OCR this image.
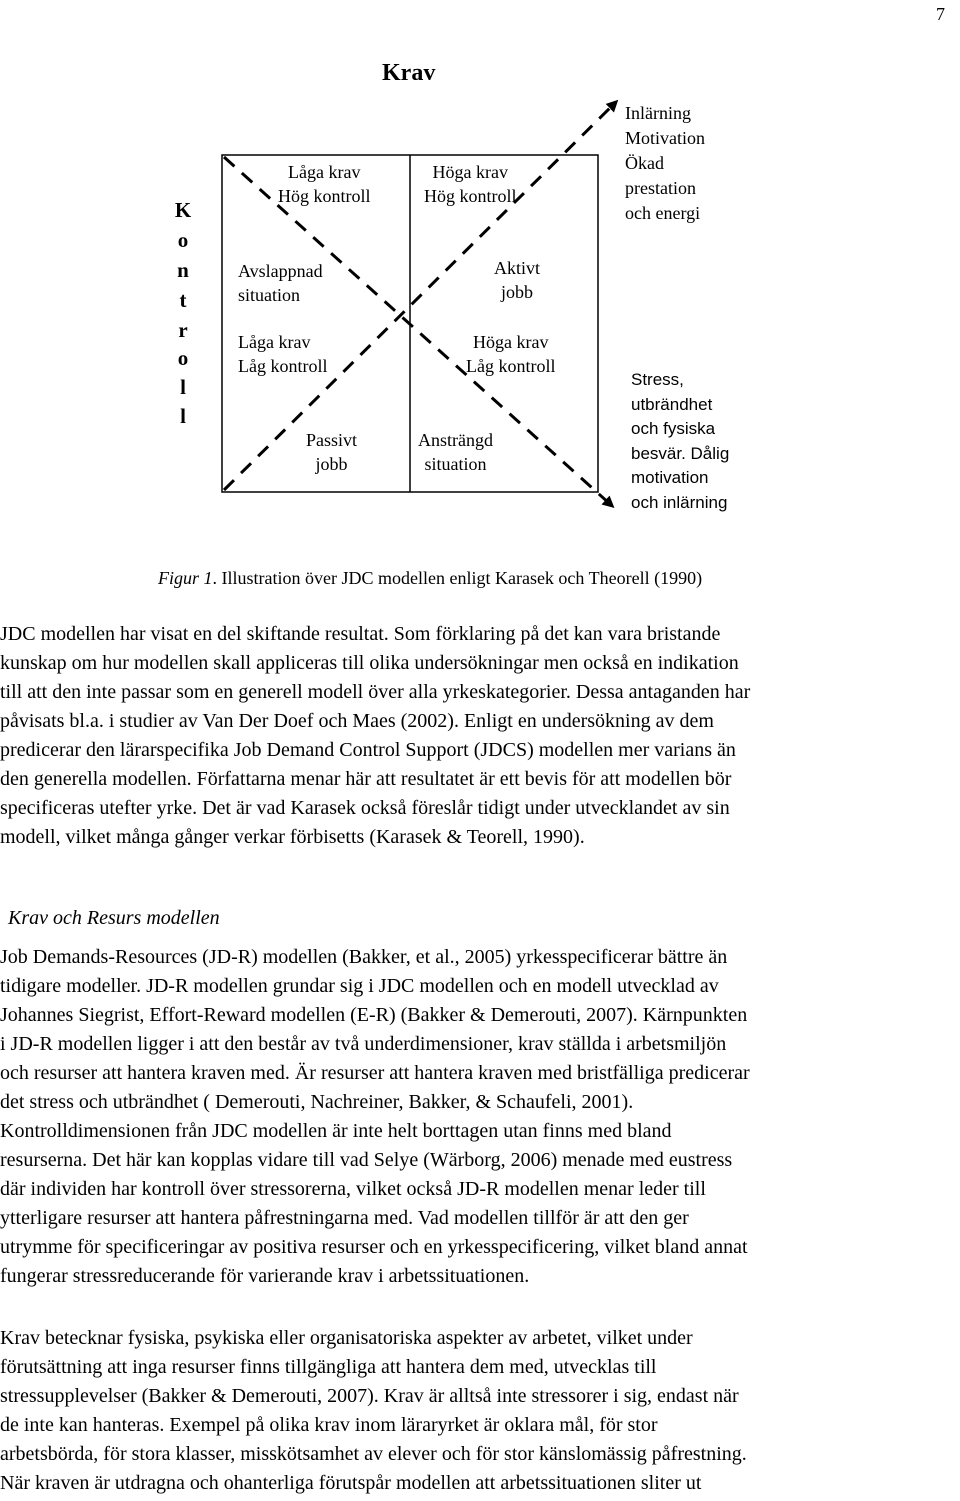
7
Krav
K
o
n
t
r
o
l
l
Låga krav
Hög kontroll
Höga krav
Hög kontroll
Avslappnad
situation
Aktivt
jobb
Låga krav
Låg kontroll
Höga krav
Låg kontroll
Passivt
jobb
Ansträngd
situation
Inlärning
Motivation
Ökad
prestation
och energi
Stress,
utbrändhet
och fysiska
besvär. Dålig
motivation
och inlärning
Figur 1. Illustration över JDC modellen enligt Karasek och Theorell (1990)
JDC modellen har visat en del skiftande resultat. Som förklaring på det kan vara bristande
kunskap om hur modellen skall appliceras till olika undersökningar men också en indikation
till att den inte passar som en generell modell över alla yrkeskategorier. Dessa antaganden har
påvisats bl.a. i studier av Van Der Doef och Maes (2002). Enligt en undersökning av dem
predicerar den lärarspecifika Job Demand Control Support (JDCS) modellen mer varians än
den generella modellen. Författarna menar här att resultatet är ett bevis för att modellen bör
specificeras utefter yrke. Det är vad Karasek också föreslår tidigt under utvecklandet av sin
modell, vilket många gånger verkar förbisetts (Karasek & Teorell, 1990).
Krav och Resurs modellen
Job Demands-Resources (JD-R) modellen (Bakker, et al., 2005) yrkesspecificerar bättre än
tidigare modeller. JD-R modellen grundar sig i JDC modellen och en modell utvecklad av
Johannes Siegrist, Effort-Reward modellen (E-R) (Bakker & Demerouti, 2007). Kärnpunkten
i JD-R modellen ligger i att den består av två underdimensioner, krav ställda i arbetsmiljön
och resurser att hantera kraven med. Är resurser att hantera kraven med bristfälliga predicerar
det stress och utbrändhet ( Demerouti, Nachreiner, Bakker, & Schaufeli, 2001).
Kontrolldimensionen från JDC modellen är inte helt borttagen utan finns med bland
resurserna. Det här kan kopplas vidare till vad Selye (Wärborg, 2006) menade med eustress
där individen har kontroll över stressorerna, vilket också JD-R modellen menar leder till
ytterligare resurser att hantera påfrestningarna med. Vad modellen tillför är att den ger
utrymme för specificeringar av positiva resurser och en yrkesspecificering, vilket bland annat
fungerar stressreducerande för varierande krav i arbetssituationen.
Krav betecknar fysiska, psykiska eller organisatoriska aspekter av arbetet, vilket under
förutsättning att inga resurser finns tillgängliga att hantera dem med, utvecklas till
stressupplevelser (Bakker & Demerouti, 2007). Krav är alltså inte stressorer i sig, endast när
de inte kan hanteras. Exempel på olika krav inom läraryrket är oklara mål, för stor
arbetsbörda, för stora klasser, misskötsamhet av elever och för stor känslomässig påfrestning.
När kraven är utdragna och ohanterliga förutspår modellen att arbetssituationen sliter ut
